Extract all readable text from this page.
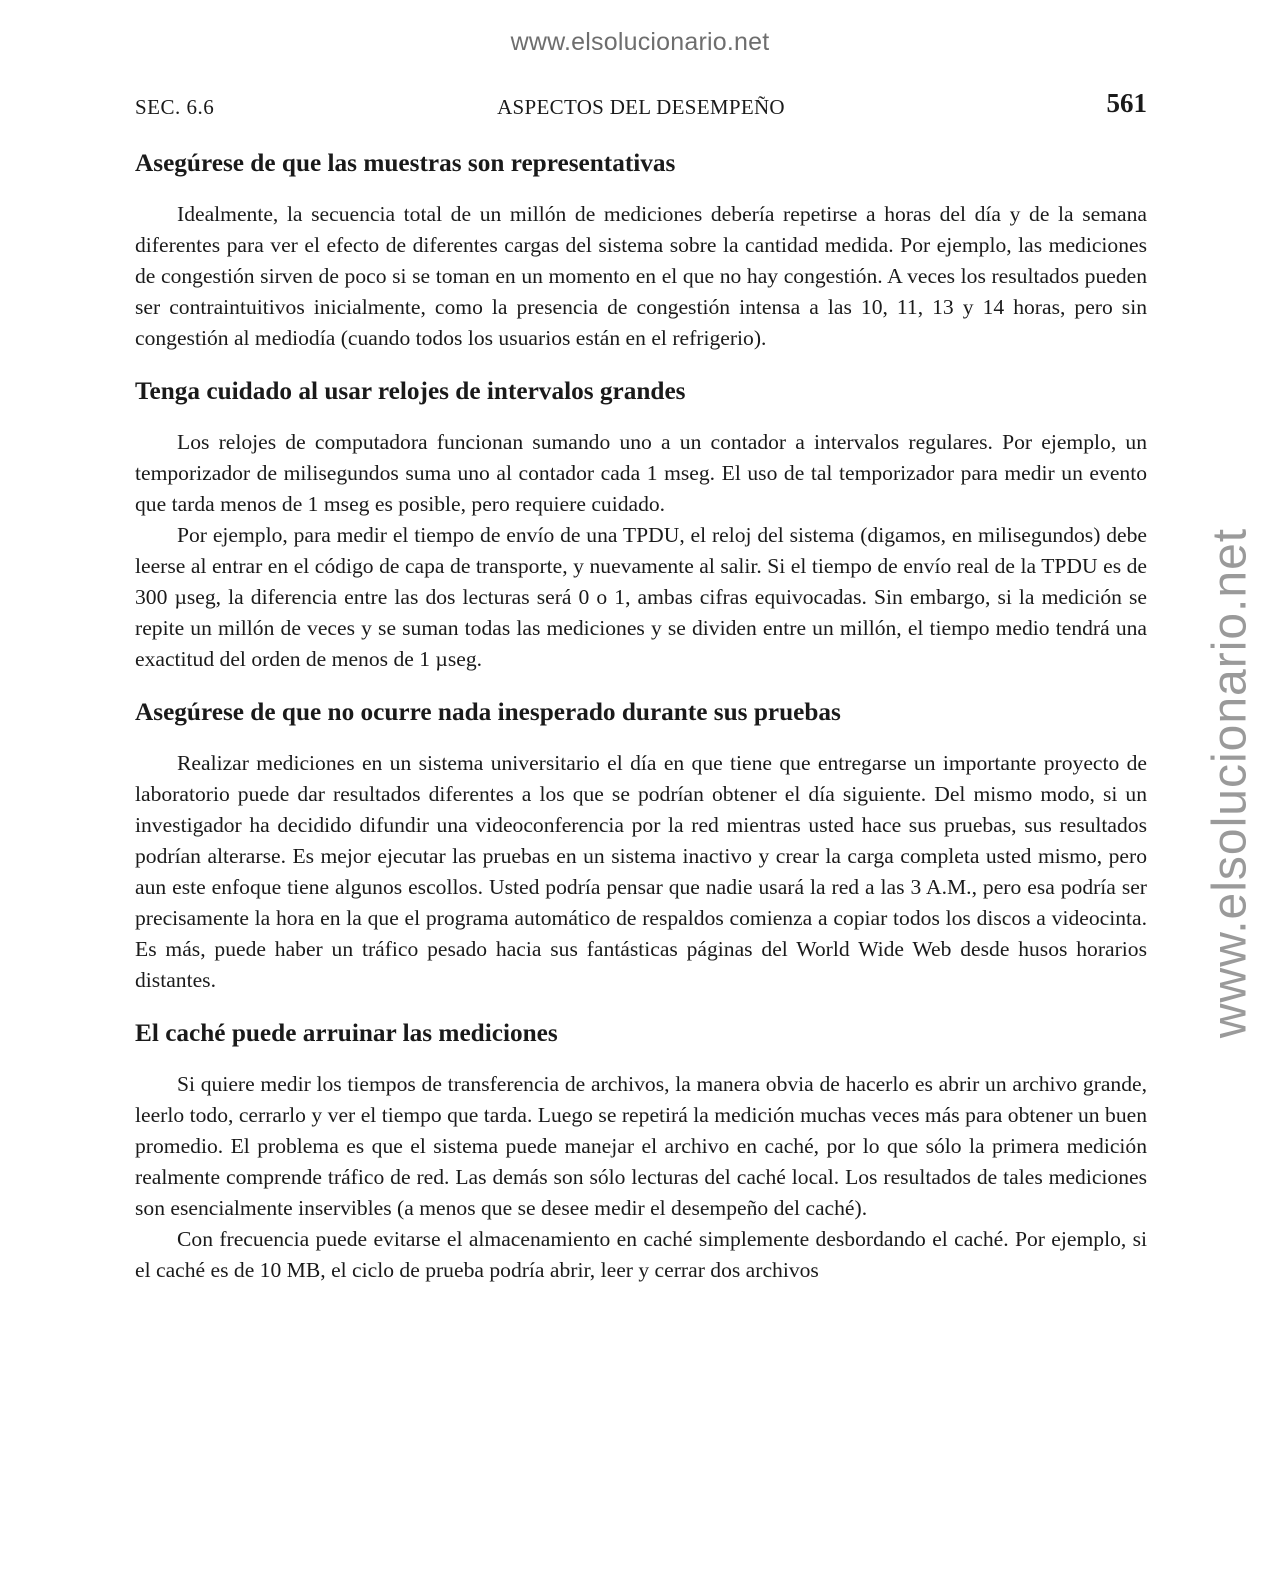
www.elsolucionario.net
www.elsolucionario.net
SEC. 6.6	ASPECTOS DEL DESEMPEÑO	561
Asegúrese de que las muestras son representativas

Idealmente, la secuencia total de un millón de mediciones debería repetirse a horas del día y de la semana diferentes para ver el efecto de diferentes cargas del sistema sobre la cantidad medida. Por ejemplo, las mediciones de congestión sirven de poco si se toman en un momento en el que no hay congestión. A veces los resultados pueden ser contraintuitivos inicialmente, como la presencia de congestión intensa a las 10, 11, 13 y 14 horas, pero sin congestión al mediodía (cuando todos los usuarios están en el refrigerio).

Tenga cuidado al usar relojes de intervalos grandes

Los relojes de computadora funcionan sumando uno a un contador a intervalos regulares. Por ejemplo, un temporizador de milisegundos suma uno al contador cada 1 mseg. El uso de tal temporizador para medir un evento que tarda menos de 1 mseg es posible, pero requiere cuidado.

Por ejemplo, para medir el tiempo de envío de una TPDU, el reloj del sistema (digamos, en milisegundos) debe leerse al entrar en el código de capa de transporte, y nuevamente al salir. Si el tiempo de envío real de la TPDU es de 300 µseg, la diferencia entre las dos lecturas será 0 o 1, ambas cifras equivocadas. Sin embargo, si la medición se repite un millón de veces y se suman todas las mediciones y se dividen entre un millón, el tiempo medio tendrá una exactitud del orden de menos de 1 µseg.

Asegúrese de que no ocurre nada inesperado durante sus pruebas

Realizar mediciones en un sistema universitario el día en que tiene que entregarse un importante proyecto de laboratorio puede dar resultados diferentes a los que se podrían obtener el día siguiente. Del mismo modo, si un investigador ha decidido difundir una videoconferencia por la red mientras usted hace sus pruebas, sus resultados podrían alterarse. Es mejor ejecutar las pruebas en un sistema inactivo y crear la carga completa usted mismo, pero aun este enfoque tiene algunos escollos. Usted podría pensar que nadie usará la red a las 3 A.M., pero esa podría ser precisamente la hora en la que el programa automático de respaldos comienza a copiar todos los discos a videocinta. Es más, puede haber un tráfico pesado hacia sus fantásticas páginas del World Wide Web desde husos horarios distantes.

El caché puede arruinar las mediciones

Si quiere medir los tiempos de transferencia de archivos, la manera obvia de hacerlo es abrir un archivo grande, leerlo todo, cerrarlo y ver el tiempo que tarda. Luego se repetirá la medición muchas veces más para obtener un buen promedio. El problema es que el sistema puede manejar el archivo en caché, por lo que sólo la primera medición realmente comprende tráfico de red. Las demás son sólo lecturas del caché local. Los resultados de tales mediciones son esencialmente inservibles (a menos que se desee medir el desempeño del caché).

Con frecuencia puede evitarse el almacenamiento en caché simplemente desbordando el caché. Por ejemplo, si el caché es de 10 MB, el ciclo de prueba podría abrir, leer y cerrar dos archivos
